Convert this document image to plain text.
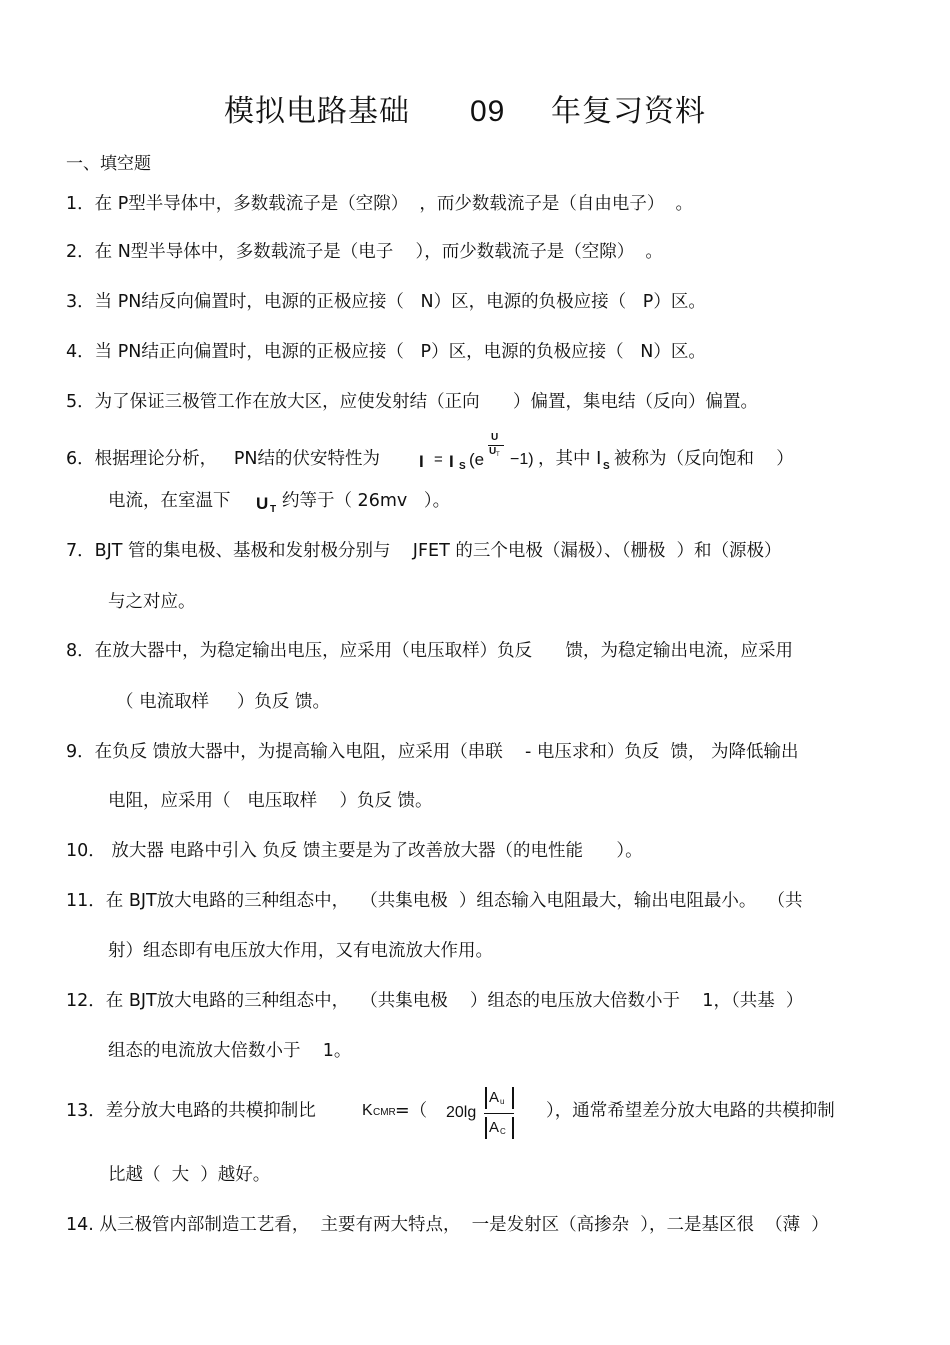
模拟电路基础 09 年复习资料
一、填空题
1．在 P型半导体中，多数载流子是（空隙）  ，而少数载流子是（自由电子）  。
2．在 N型半导体中，多数载流子是（电子    ），而少数载流子是（空隙）  。
3．当 PN结反向偏置时，电源的正极应接（   N）区，电源的负极应接（   P）区。
4．当 PN结正向偏置时，电源的正极应接（   P）区，电源的负极应接（   N）区。
5．为了保证三极管工作在放大区，应使发射结（正向      ）偏置，集电结（反向）偏置。
6．根据理论分析，   PN结的伏安特性为 I = I S (e
U
U T −1) ，其中 I S 被称为（反向饱和    ）
电流，在室温下 U T 约等于（ 26mv   ）。
7．BJT 管的集电极、基极和发射极分别与    JFET 的三个电极（漏极）、（栅极  ）和（源极）
与之对应。
8．在放大器中，为稳定输出电压，应采用（电压取样）负反      馈，为稳定输出电流，应采用
（ 电流取样     ）负反 馈。
9．在负反 馈放大器中，为提高输入电阻，应采用（串联    - 电压求和）负反  馈， 为降低输出
电阻，应采用（   电压取样    ）负反 馈。
10． 放大器 电路中引入 负反 馈主要是为了改善放大器（的电性能      ）。
11．在 BJT放大电路的三种组态中，  （共集电极  ）组态输入电阻最大，输出电阻最小。  （共
射）组态即有电压放大作用，又有电流放大作用。
12．在 BJT放大电路的三种组态中，  （共集电极    ）组态的电压放大倍数小于    1，（共基  ）
组态的电流放大倍数小于    1。
13．差分放大电路的共模抑制比	K CMR =（ 20lg
A u
A C
），通常希望差分放大电路的共模抑制
比越（  大  ）越好。
14. 从三极管内部制造工艺看，  主要有两大特点，  一是发射区（高掺杂  ），二是基区很  （薄  ）
